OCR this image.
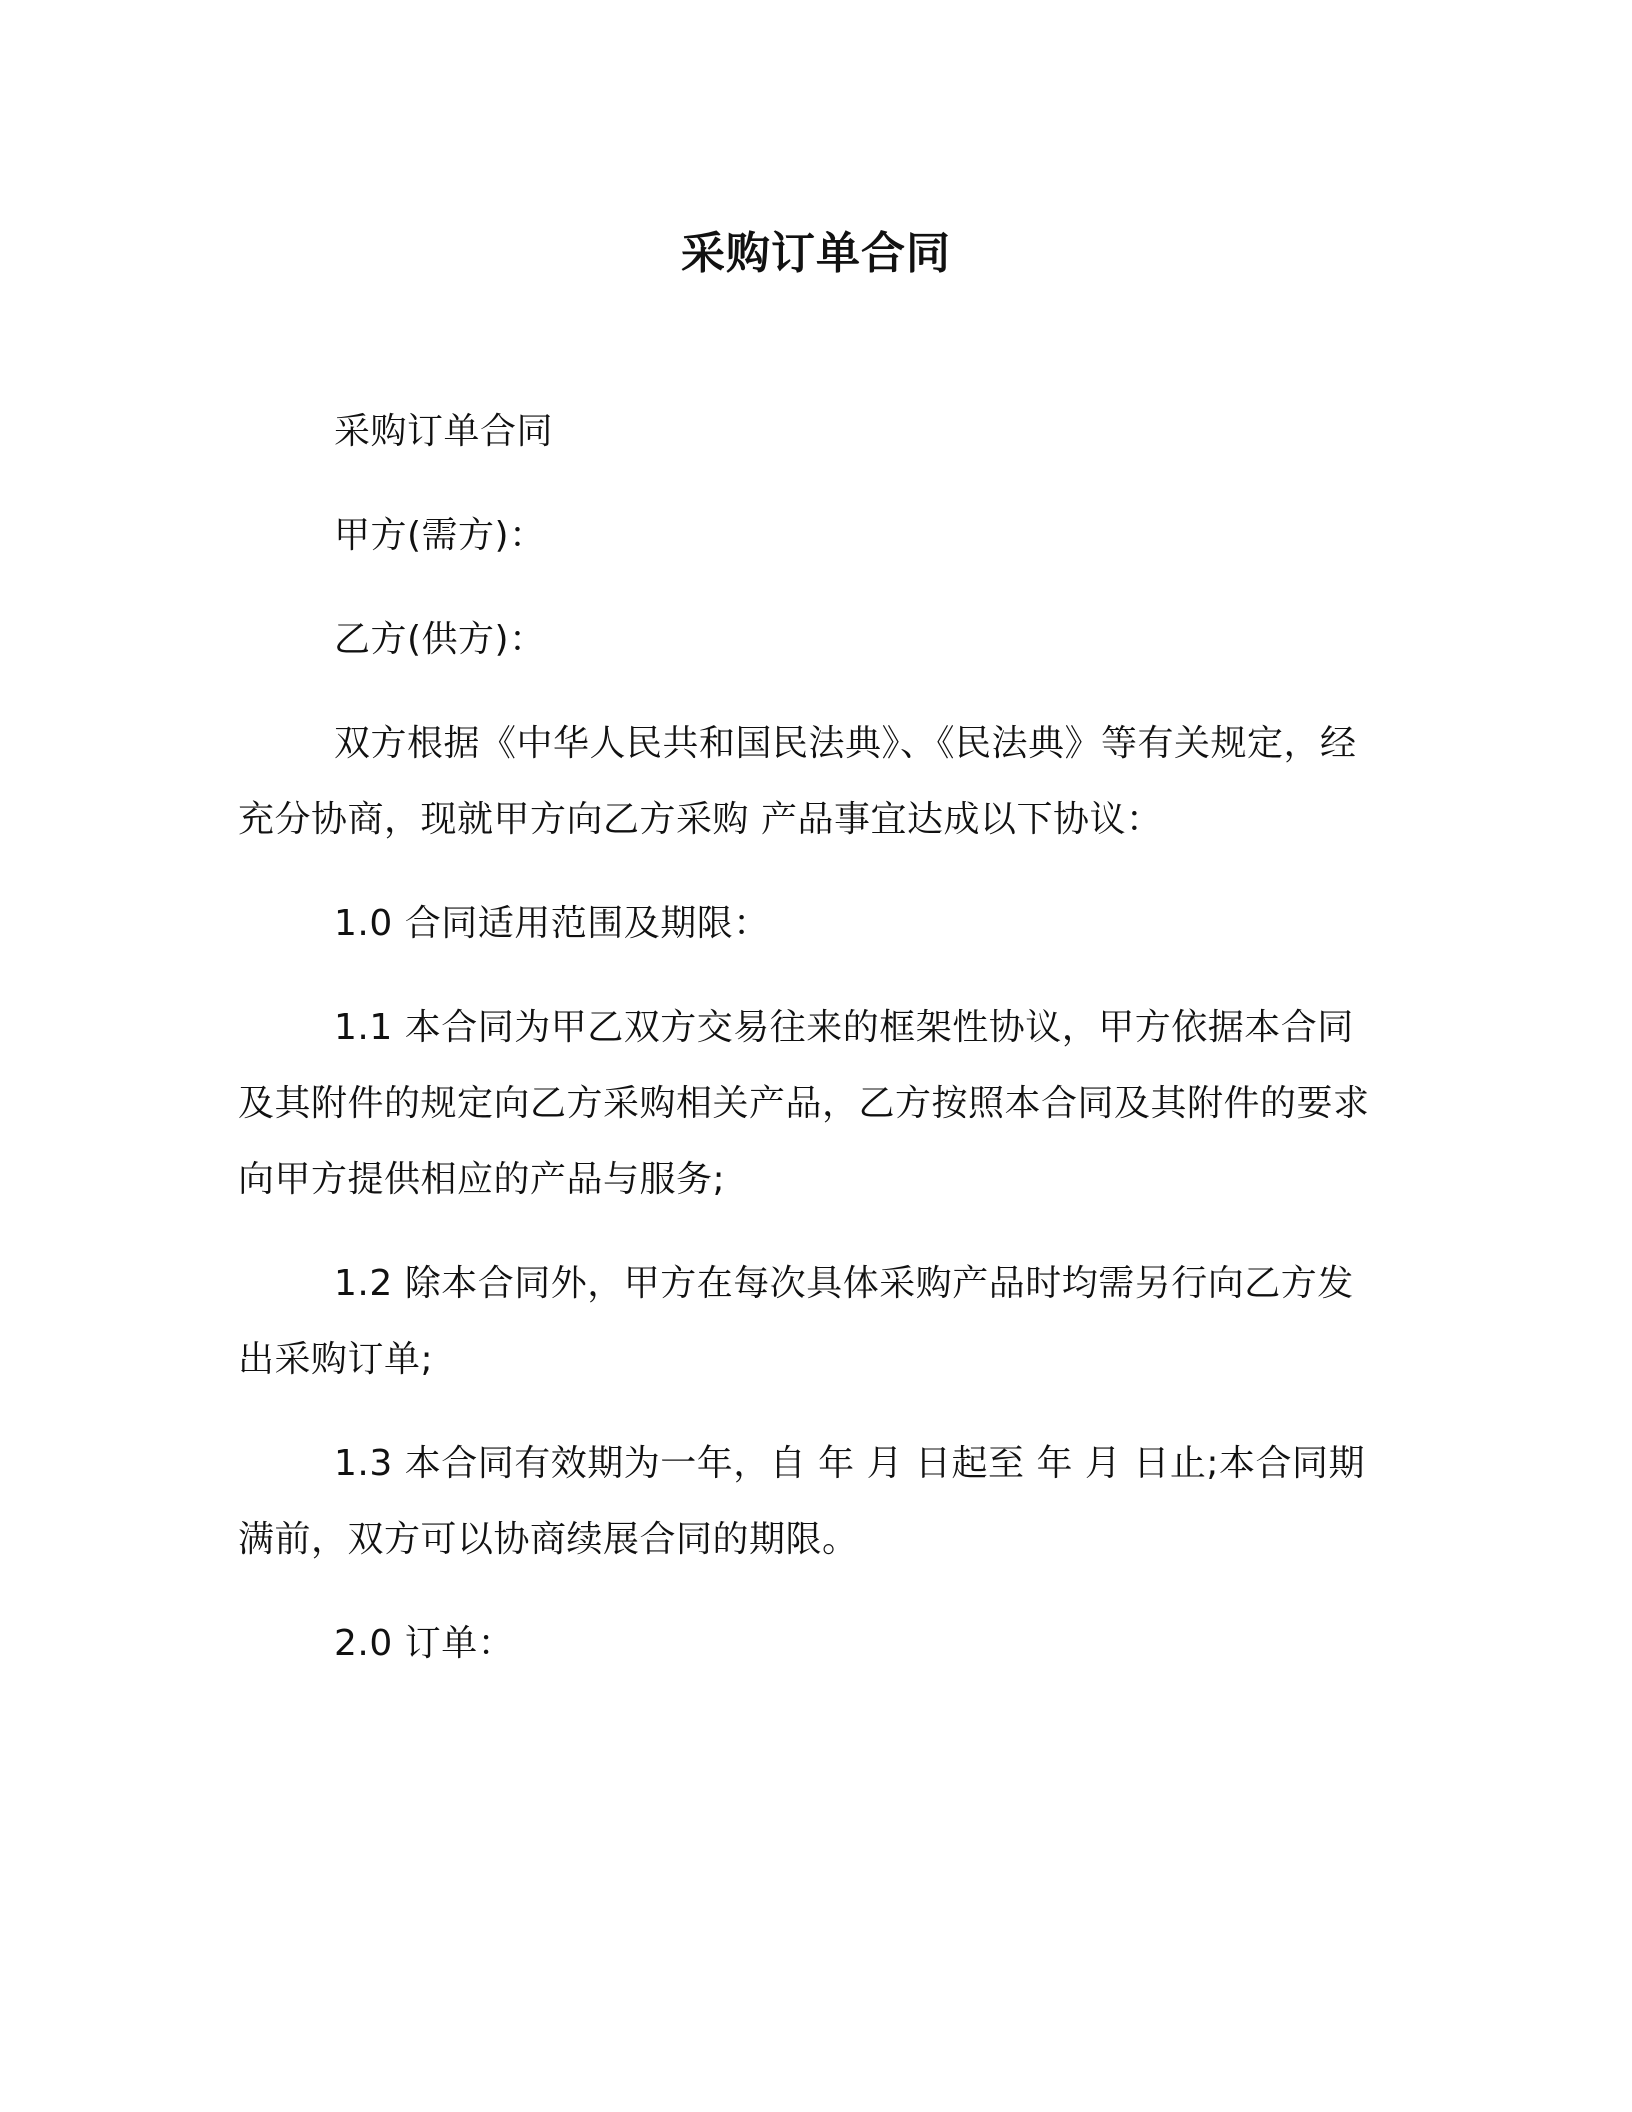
采购订单合同

采购订单合同

甲方(需方)：

乙方(供方)：

双方根据《中华人民共和国民法典》、《民法典》等有关规定，经充分协商，现就甲方向乙方采购 产品事宜达成以下协议：

1.0 合同适用范围及期限：

1.1 本合同为甲乙双方交易往来的框架性协议，甲方依据本合同及其附件的规定向乙方采购相关产品，乙方按照本合同及其附件的要求向甲方提供相应的产品与服务;

1.2 除本合同外，甲方在每次具体采购产品时均需另行向乙方发出采购订单;

1.3 本合同有效期为一年，自 年 月 日起至 年 月 日止;本合同期满前，双方可以协商续展合同的期限。

2.0 订单：
